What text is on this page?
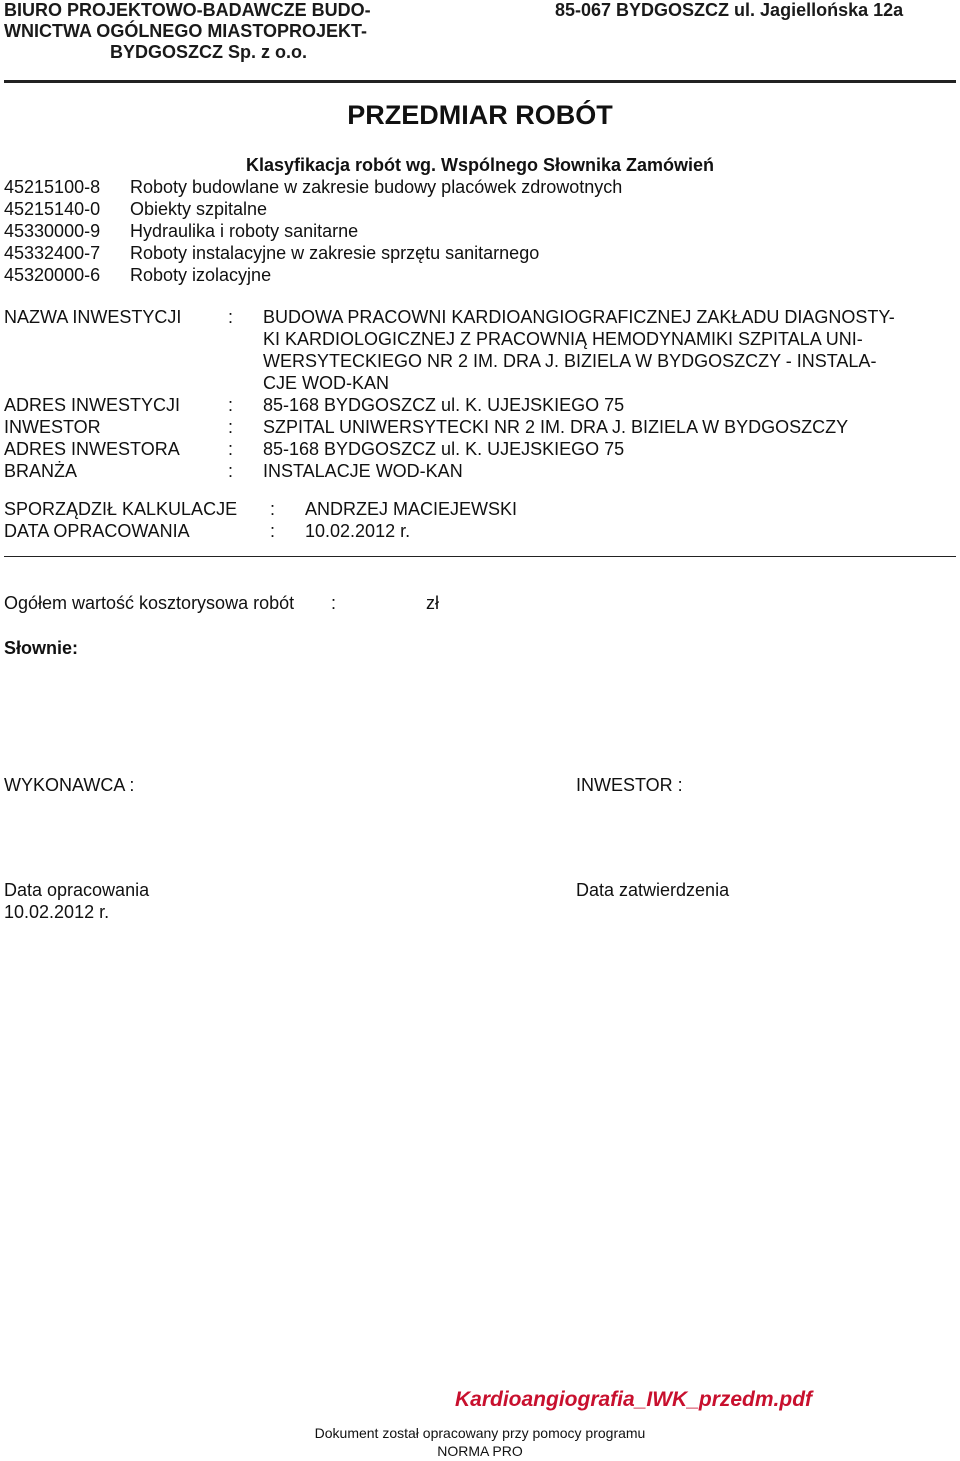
BIURO PROJEKTOWO-BADAWCZE BUDO-
WNICTWA OGÓLNEGO MIASTOPROJEKT-
BYDGOSZCZ Sp. z o.o.
85-067 BYDGOSZCZ ul. Jagiellońska 12a
PRZEDMIAR ROBÓT
Klasyfikacja robót wg. Wspólnego Słownika Zamówień
45215100-8 Roboty budowlane w zakresie budowy placówek zdrowotnych
45215140-0 Obiekty szpitalne
45330000-9 Hydraulika i roboty sanitarne
45332400-7 Roboty instalacyjne w zakresie sprzętu sanitarnego
45320000-6 Roboty izolacyjne
NAZWA INWESTYCJI	: BUDOWA PRACOWNI KARDIOANGIOGRAFICZNEJ ZAKŁADU DIAGNOSTY-
KI KARDIOLOGICZNEJ Z PRACOWNIĄ HEMODYNAMIKI SZPITALA UNI-
WERSYTECKIEGO NR 2 IM. DRA J. BIZIELA W BYDGOSZCZY - INSTALA-
CJE WOD-KAN
ADRES INWESTYCJI	: 85-168 BYDGOSZCZ ul. K. UJEJSKIEGO 75
INWESTOR	: SZPITAL UNIWERSYTECKI NR 2 IM. DRA J. BIZIELA W BYDGOSZCZY
ADRES INWESTORA	: 85-168 BYDGOSZCZ ul. K. UJEJSKIEGO 75
BRANŻA	: INSTALACJE WOD-KAN
SPORZĄDZIŁ KALKULACJE : ANDRZEJ MACIEJEWSKI
DATA OPRACOWANIA	: 10.02.2012 r.
Ogółem wartość kosztorysowa robót :	zł
Słownie:
WYKONAWCA :	INWESTOR :
Data opracowania
10.02.2012 r.
Data zatwierdzenia
Kardioangiografia_IWK_przedm.pdf
Dokument został opracowany przy pomocy programu
NORMA PRO
